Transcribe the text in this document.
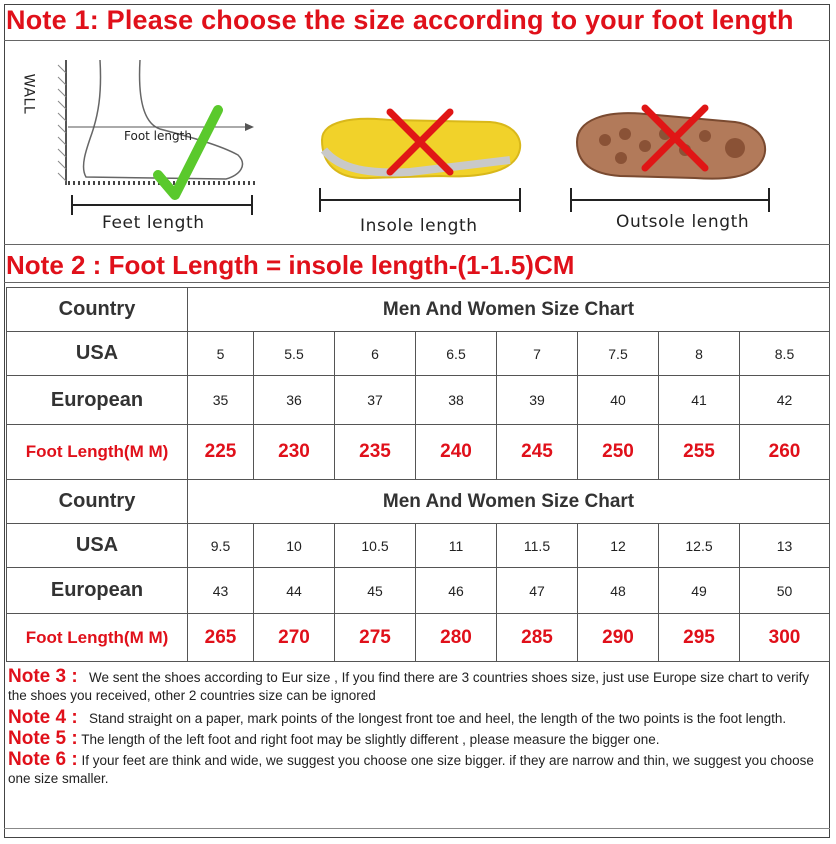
Note 1: Please choose the size according to your foot length
WALL
Foot length
Feet length	Insole length	Outsole length
Note 2 : Foot Length = insole length-(1-1.5)CM
Country	Men And Women Size Chart							
USA	5	5.5	6	6.5	7	7.5	8	8.5
European	35	36	37	38	39	40	41	42
Foot Length(M M)	225	230	235	240	245	250	255	260
Country	Men And Women Size Chart							
USA	9.5	10	10.5	11	11.5	12	12.5	13
European	43	44	45	46	47	48	49	50
Foot Length(M M)	265	270	275	280	285	290	295	300

Note 3 : We sent the shoes according to Eur size , If you find there are 3 countries shoes size, just use Europe size chart to verify the shoes you received, other 2 countries size can be ignored

Note 4 : Stand straight on a paper, mark points of the longest front toe and heel, the length of the two points is the foot length.

Note 5 : The length of the left foot and right foot may be slightly different , please measure the bigger one.

Note 6 : If your feet are think and wide, we suggest you choose one size bigger. if they are narrow and thin, we suggest you choose one size smaller.
